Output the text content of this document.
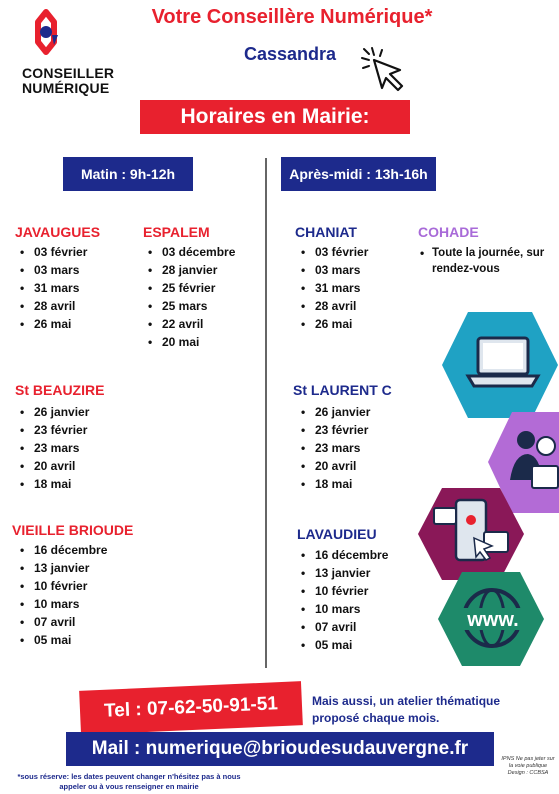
CONSEILLER
NUMÉRIQUE
Votre Conseillère Numérique*
Cassandra
Horaires en Mairie:
Matin : 9h-12h	Après-midi : 13h-16h
JAVAUGUES
• 03 février
• 03 mars
• 31 mars
• 28 avril
• 26 mai
ESPALEM
• 03 décembre
• 28 janvier
• 25 février
• 25 mars
• 22 avril
• 20 mai
St BEAUZIRE
• 26 janvier
• 23 février
• 23 mars
• 20 avril
• 18 mai
VIEILLE BRIOUDE
• 16 décembre
• 13 janvier
• 10 février
• 10 mars
• 07 avril
• 05 mai
CHANIAT
• 03 février
• 03 mars
• 31 mars
• 28 avril
• 26 mai
COHADE
• Toute la journée, sur rendez-vous
St LAURENT C
• 26 janvier
• 23 février
• 23 mars
• 20 avril
• 18 mai
LAVAUDIEU
• 16 décembre
• 13 janvier
• 10 février
• 10 mars
• 07 avril
• 05 mai
www.
Tel : 07-62-50-91-51	Mais aussi, un atelier thématique proposé chaque mois.
Mail : numerique@brioudesudauvergne.fr
*sous réserve: les dates peuvent changer n'hésitez pas à nous appeler ou à vous renseigner en mairie
IPNS Ne pas jeter sur la voie publique Design : CCBSA
